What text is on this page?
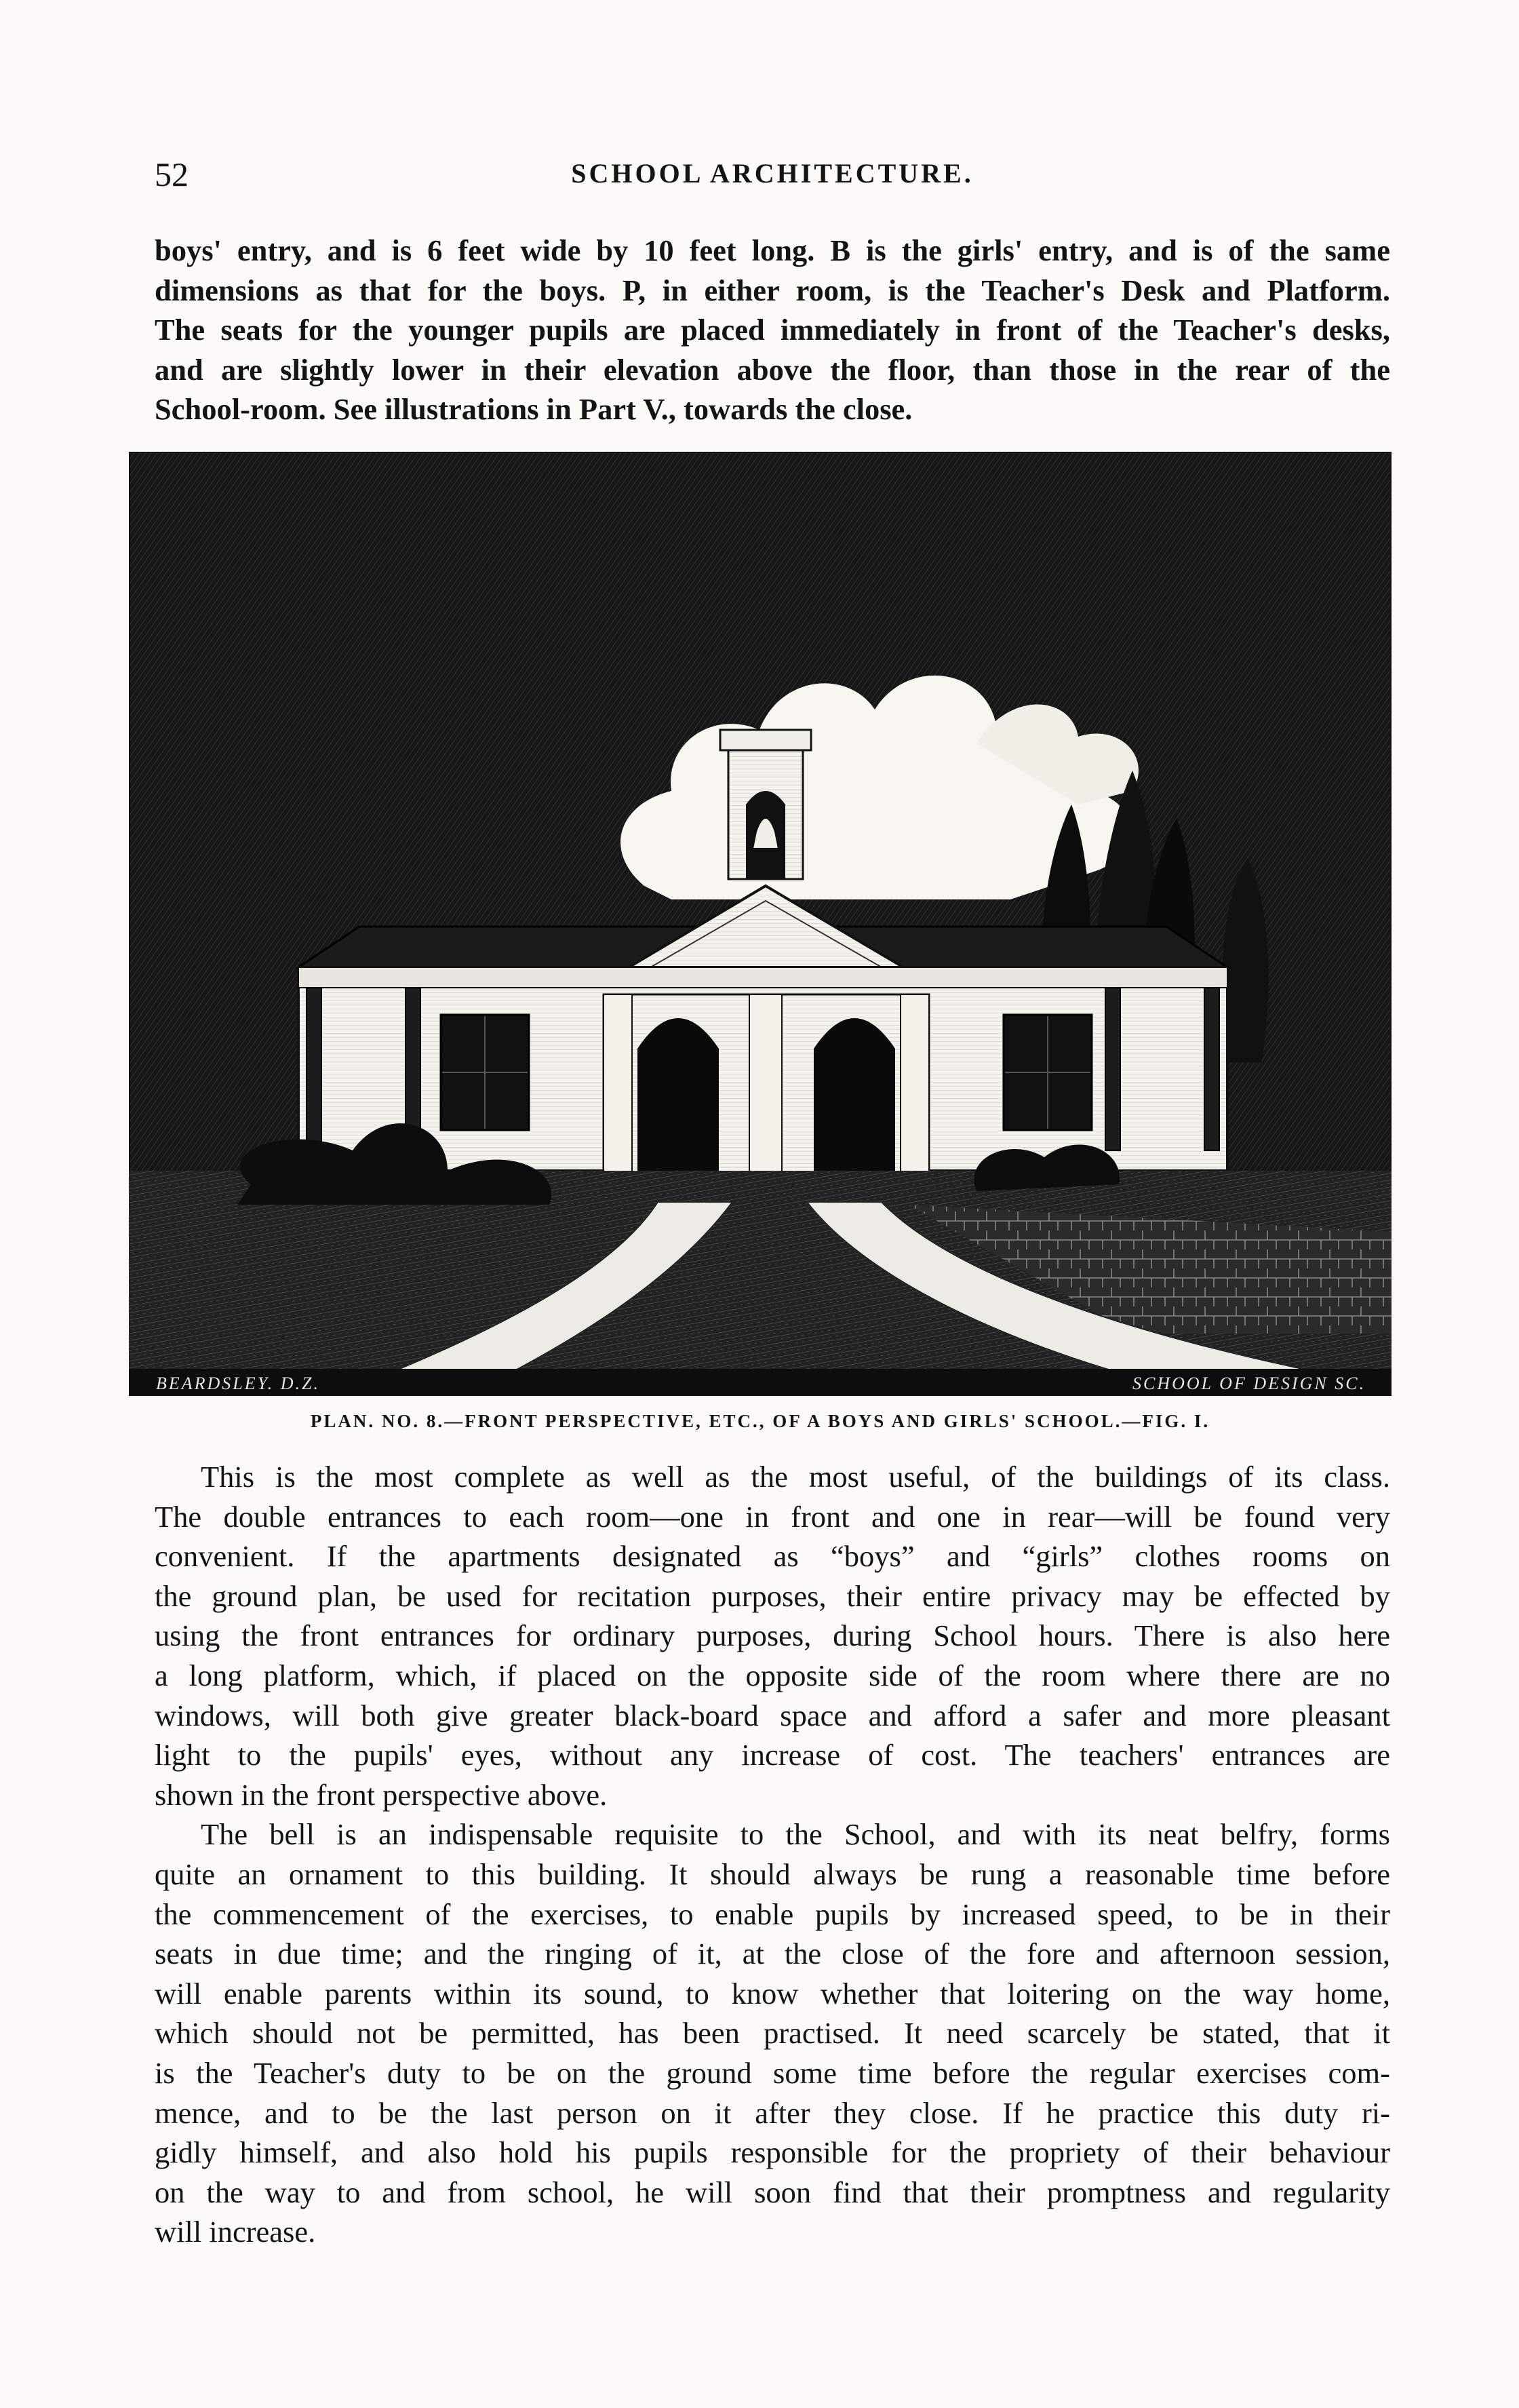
52	SCHOOL ARCHITECTURE.
boys' entry, and is 6 feet wide by 10 feet long. B is the girls' entry, and is of the same
dimensions as that for the boys. P, in either room, is the Teacher's Desk and Platform.
The seats for the younger pupils are placed immediately in front of the Teacher's desks,
and are slightly lower in their elevation above the floor, than those in the rear of the
School-room. See illustrations in Part V., towards the close.
BEARDSLEY. D.Z.	SCHOOL OF DESIGN SC.
PLAN. NO. 8.—FRONT PERSPECTIVE, ETC., OF A BOYS AND GIRLS' SCHOOL.—FIG. I.
This is the most complete as well as the most useful, of the buildings of its class.
The double entrances to each room—one in front and one in rear—will be found very
convenient. If the apartments designated as “boys” and “girls” clothes rooms on
the ground plan, be used for recitation purposes, their entire privacy may be effected by
using the front entrances for ordinary purposes, during School hours. There is also here
a long platform, which, if placed on the opposite side of the room where there are no
windows, will both give greater black-board space and afford a safer and more pleasant
light to the pupils' eyes, without any increase of cost. The teachers' entrances are
shown in the front perspective above.
The bell is an indispensable requisite to the School, and with its neat belfry, forms
quite an ornament to this building. It should always be rung a reasonable time before
the commencement of the exercises, to enable pupils by increased speed, to be in their
seats in due time; and the ringing of it, at the close of the fore and afternoon session,
will enable parents within its sound, to know whether that loitering on the way home,
which should not be permitted, has been practised. It need scarcely be stated, that it
is the Teacher's duty to be on the ground some time before the regular exercises com-
mence, and to be the last person on it after they close. If he practice this duty ri-
gidly himself, and also hold his pupils responsible for the propriety of their behaviour
on the way to and from school, he will soon find that their promptness and regularity
will increase.
